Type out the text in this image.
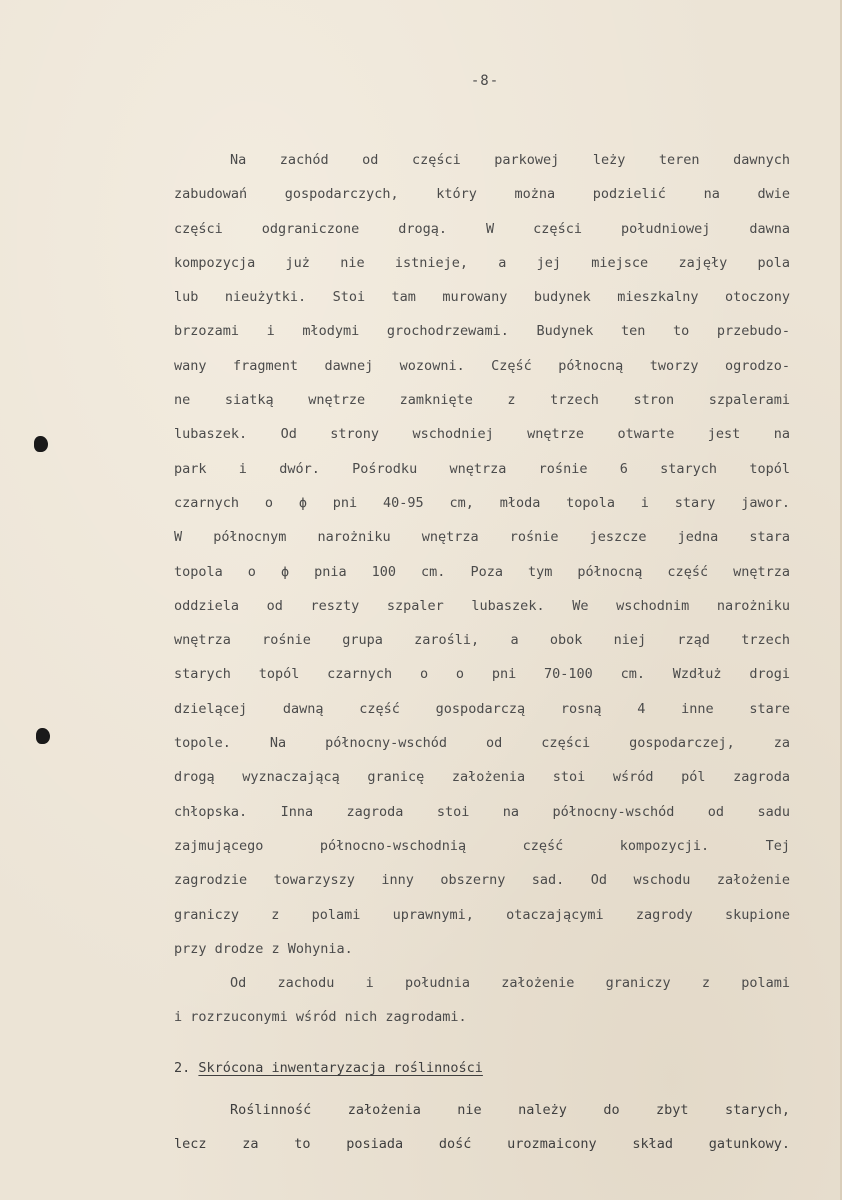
-8-
Na zachód od części parkowej leży teren dawnych
zabudowań gospodarczych, który można podzielić na dwie
części odgraniczone drogą. W części południowej dawna
kompozycja już nie istnieje, a jej miejsce zajęły pola
lub nieużytki. Stoi tam murowany budynek mieszkalny otoczony
brzozami i młodymi grochodrzewami. Budynek ten to przebudo-
wany fragment dawnej wozowni. Część północną tworzy ogrodzo-
ne siatką wnętrze zamknięte z trzech stron szpalerami
lubaszek. Od strony wschodniej wnętrze otwarte jest na
park i dwór. Pośrodku wnętrza rośnie 6 starych topól
czarnych o ϕ pni 40-95 cm, młoda topola i stary jawor.
W północnym narożniku wnętrza rośnie jeszcze jedna stara
topola o ϕ pnia 100 cm. Poza tym północną część wnętrza
oddziela od reszty szpaler lubaszek. We wschodnim narożniku
wnętrza rośnie grupa zarośli, a obok niej rząd trzech
starych topól czarnych o o pni 70-100 cm. Wzdłuż drogi
dzielącej dawną część gospodarczą rosną 4 inne stare
topole. Na północny-wschód od części gospodarczej, za
drogą wyznaczającą granicę założenia stoi wśród pól zagroda
chłopska. Inna zagroda stoi na północny-wschód od sadu
zajmującego północno-wschodnią część kompozycji. Tej
zagrodzie towarzyszy inny obszerny sad. Od wschodu założenie
graniczy z polami uprawnymi, otaczającymi zagrody skupione
przy drodze z Wohynia.
Od zachodu i południa założenie graniczy z polami
i rozrzuconymi wśród nich zagrodami.
2. Skrócona inwentaryzacja roślinności
Roślinność założenia nie należy do zbyt starych,
lecz za to posiada dość urozmaicony skład gatunkowy.
